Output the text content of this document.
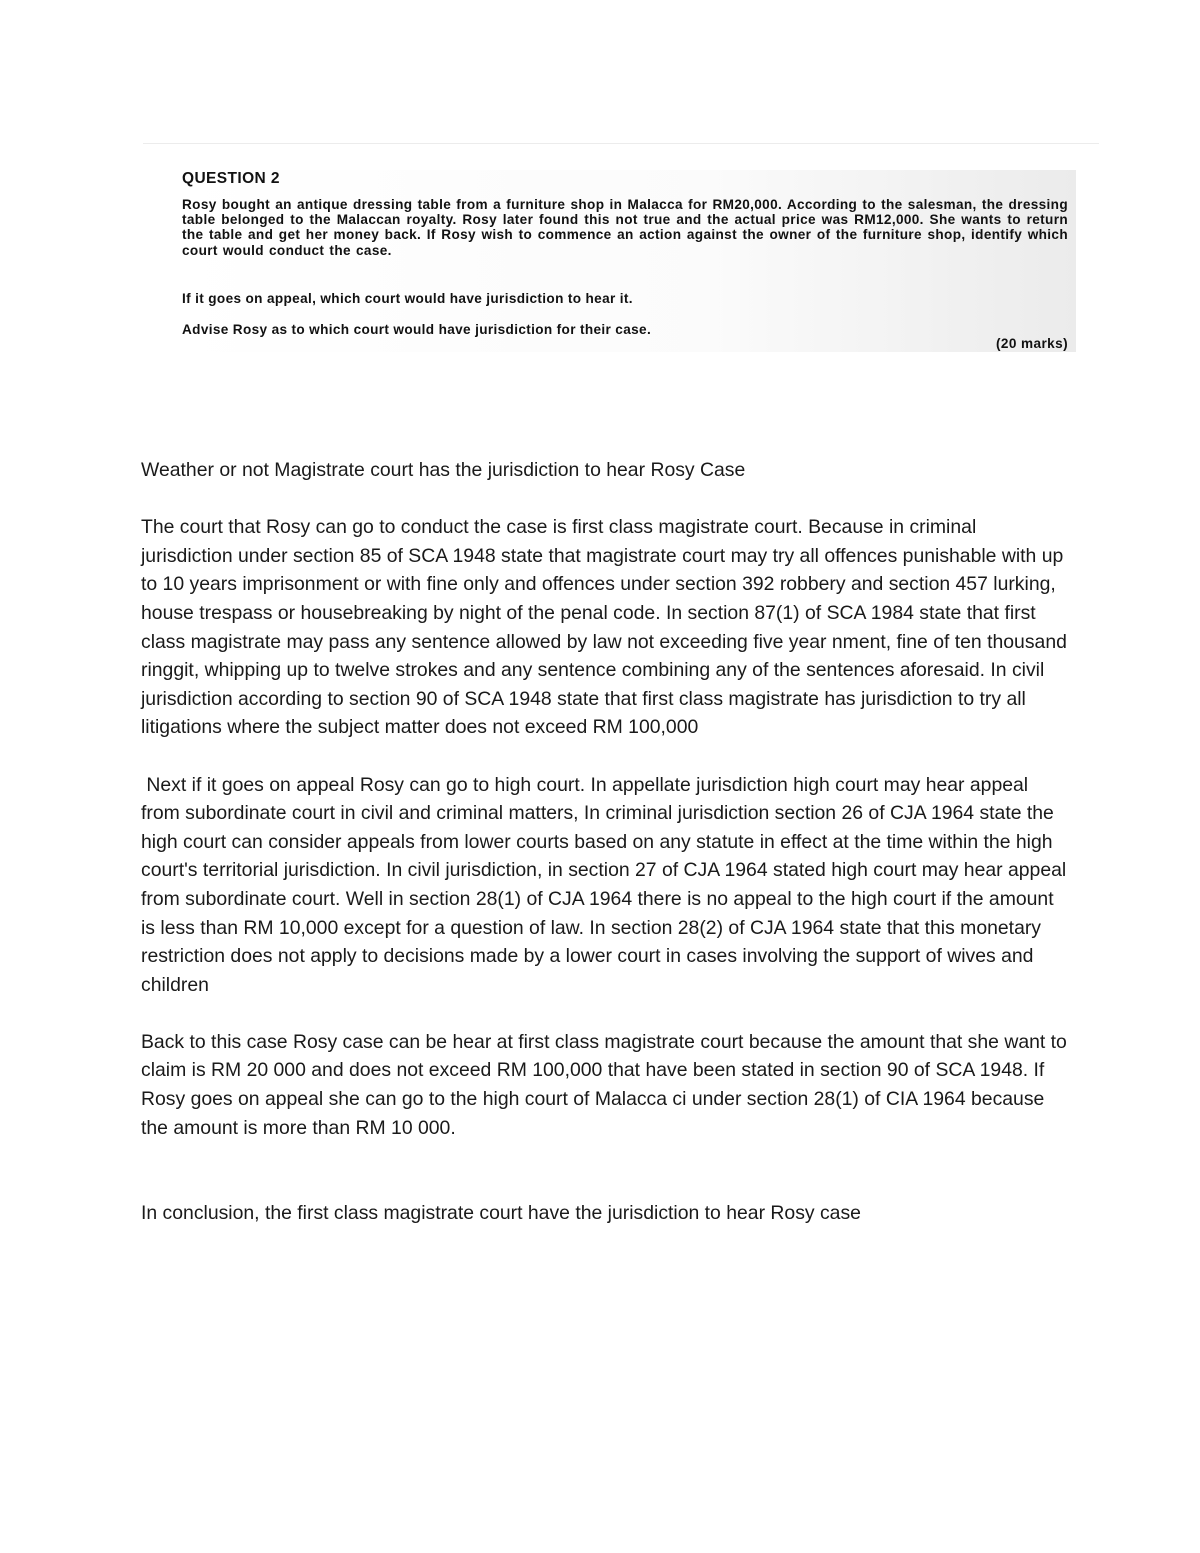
QUESTION 2
Rosy bought an antique dressing table from a furniture shop in Malacca for RM20,000. According to the salesman, the dressing table belonged to the Malaccan royalty. Rosy later found this not true and the actual price was RM12,000. She wants to return the table and get her money back. If Rosy wish to commence an action against the owner of the furniture shop, identify which court would conduct the case.
If it goes on appeal, which court would have jurisdiction to hear it.
Advise Rosy as to which court would have jurisdiction for their case.
(20 marks)

Weather or not Magistrate court has the jurisdiction to hear Rosy Case

The court that Rosy can go to conduct the case is first class magistrate court. Because in criminal jurisdiction under section 85 of SCA 1948 state that magistrate court may try all offences punishable with up to 10 years imprisonment or with fine only and offences under section 392 robbery and section 457 lurking, house trespass or housebreaking by night of the penal code. In section 87(1) of SCA 1984 state that first class magistrate may pass any sentence allowed by law not exceeding five year nment, fine of ten thousand ringgit, whipping up to twelve strokes and any sentence combining any of the sentences aforesaid. In civil jurisdiction according to section 90 of SCA 1948 state that first class magistrate has jurisdiction to try all litigations where the subject matter does not exceed RM 100,000

Next if it goes on appeal Rosy can go to high court. In appellate jurisdiction high court may hear appeal from subordinate court in civil and criminal matters, In criminal jurisdiction section 26 of CJA 1964 state the high court can consider appeals from lower courts based on any statute in effect at the time within the high court's territorial jurisdiction. In civil jurisdiction, in section 27 of CJA 1964 stated high court may hear appeal from subordinate court. Well in section 28(1) of CJA 1964 there is no appeal to the high court if the amount is less than RM 10,000 except for a question of law. In section 28(2) of CJA 1964 state that this monetary restriction does not apply to decisions made by a lower court in cases involving the support of wives and children

Back to this case Rosy case can be hear at first class magistrate court because the amount that she want to claim is RM 20 000 and does not exceed RM 100,000 that have been stated in section 90 of SCA 1948. If Rosy goes on appeal she can go to the high court of Malacca ci under section 28(1) of CIA 1964 because the amount is more than RM 10 000.

In conclusion, the first class magistrate court have the jurisdiction to hear Rosy case
